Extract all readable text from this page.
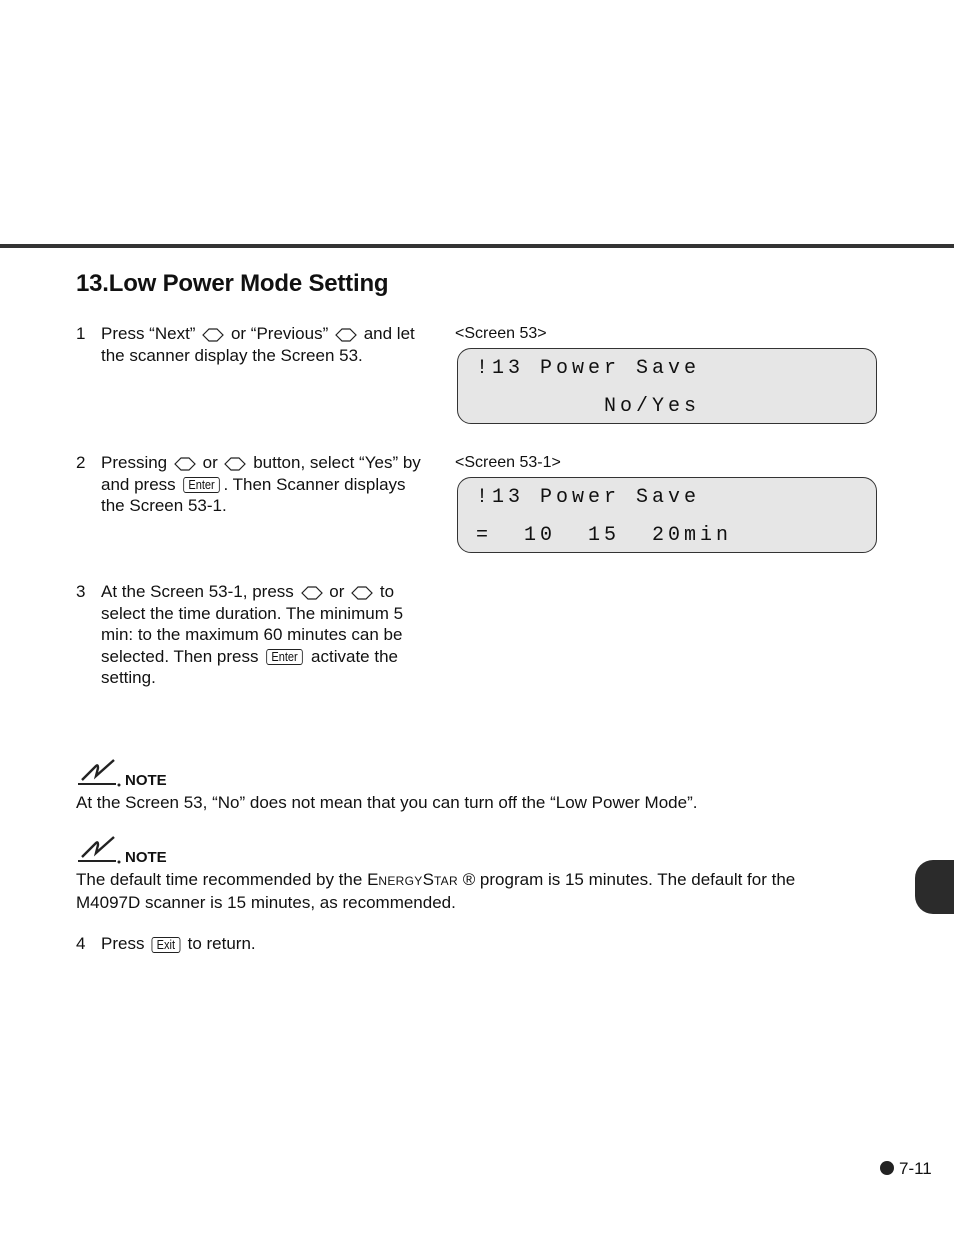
13.Low Power Mode Setting
1 Press “Next” or “Previous” and let
the scanner display the Screen 53.
2 Pressing or button, select “Yes” by
and press Enter . Then Scanner displays
the Screen 53-1.
3 At the Screen 53-1, press or to
select the time duration. The minimum 5
min: to the maximum 60 minutes can be
selected. Then press Enter activate the
setting.
<Screen 53>
!13 Power Save
No/Yes
<Screen 53-1>
!13 Power Save
=  10  15  20min
NOTE
At the Screen 53, “No” does not mean that you can turn off the “Low Power Mode”.
NOTE
The default time recommended by the ENERGYSTAR ® program is 15 minutes. The default for the
M4097D scanner is 15 minutes, as recommended.
4 Press Exit to return.
7-11
